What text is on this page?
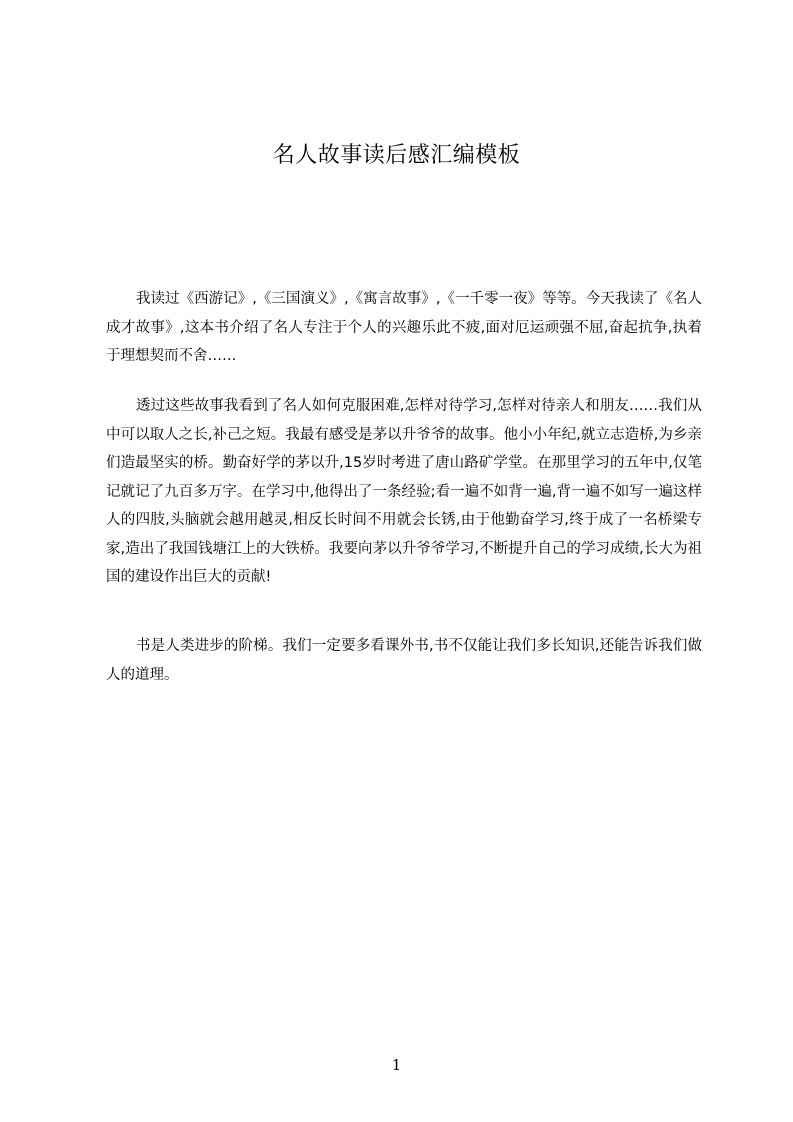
名人故事读后感汇编模板

我读过《西游记》,《三国演义》,《寓言故事》,《一千零一夜》等等。今天我读了《名人成才故事》,这本书介绍了名人专注于个人的兴趣乐此不疲,面对厄运顽强不屈,奋起抗争,执着于理想契而不舍……

透过这些故事我看到了名人如何克服困难,怎样对待学习,怎样对待亲人和朋友……我们从中可以取人之长,补己之短。我最有感受是茅以升爷爷的故事。他小小年纪,就立志造桥,为乡亲们造最坚实的桥。勤奋好学的茅以升,15岁时考进了唐山路矿学堂。在那里学习的五年中,仅笔记就记了九百多万字。在学习中,他得出了一条经验;看一遍不如背一遍,背一遍不如写一遍这样人的四肢,头脑就会越用越灵,相反长时间不用就会长锈,由于他勤奋学习,终于成了一名桥梁专家,造出了我国钱塘江上的大铁桥。我要向茅以升爷爷学习,不断提升自己的学习成绩,长大为祖国的建设作出巨大的贡献!

书是人类进步的阶梯。我们一定要多看课外书,书不仅能让我们多长知识,还能告诉我们做人的道理。

1
